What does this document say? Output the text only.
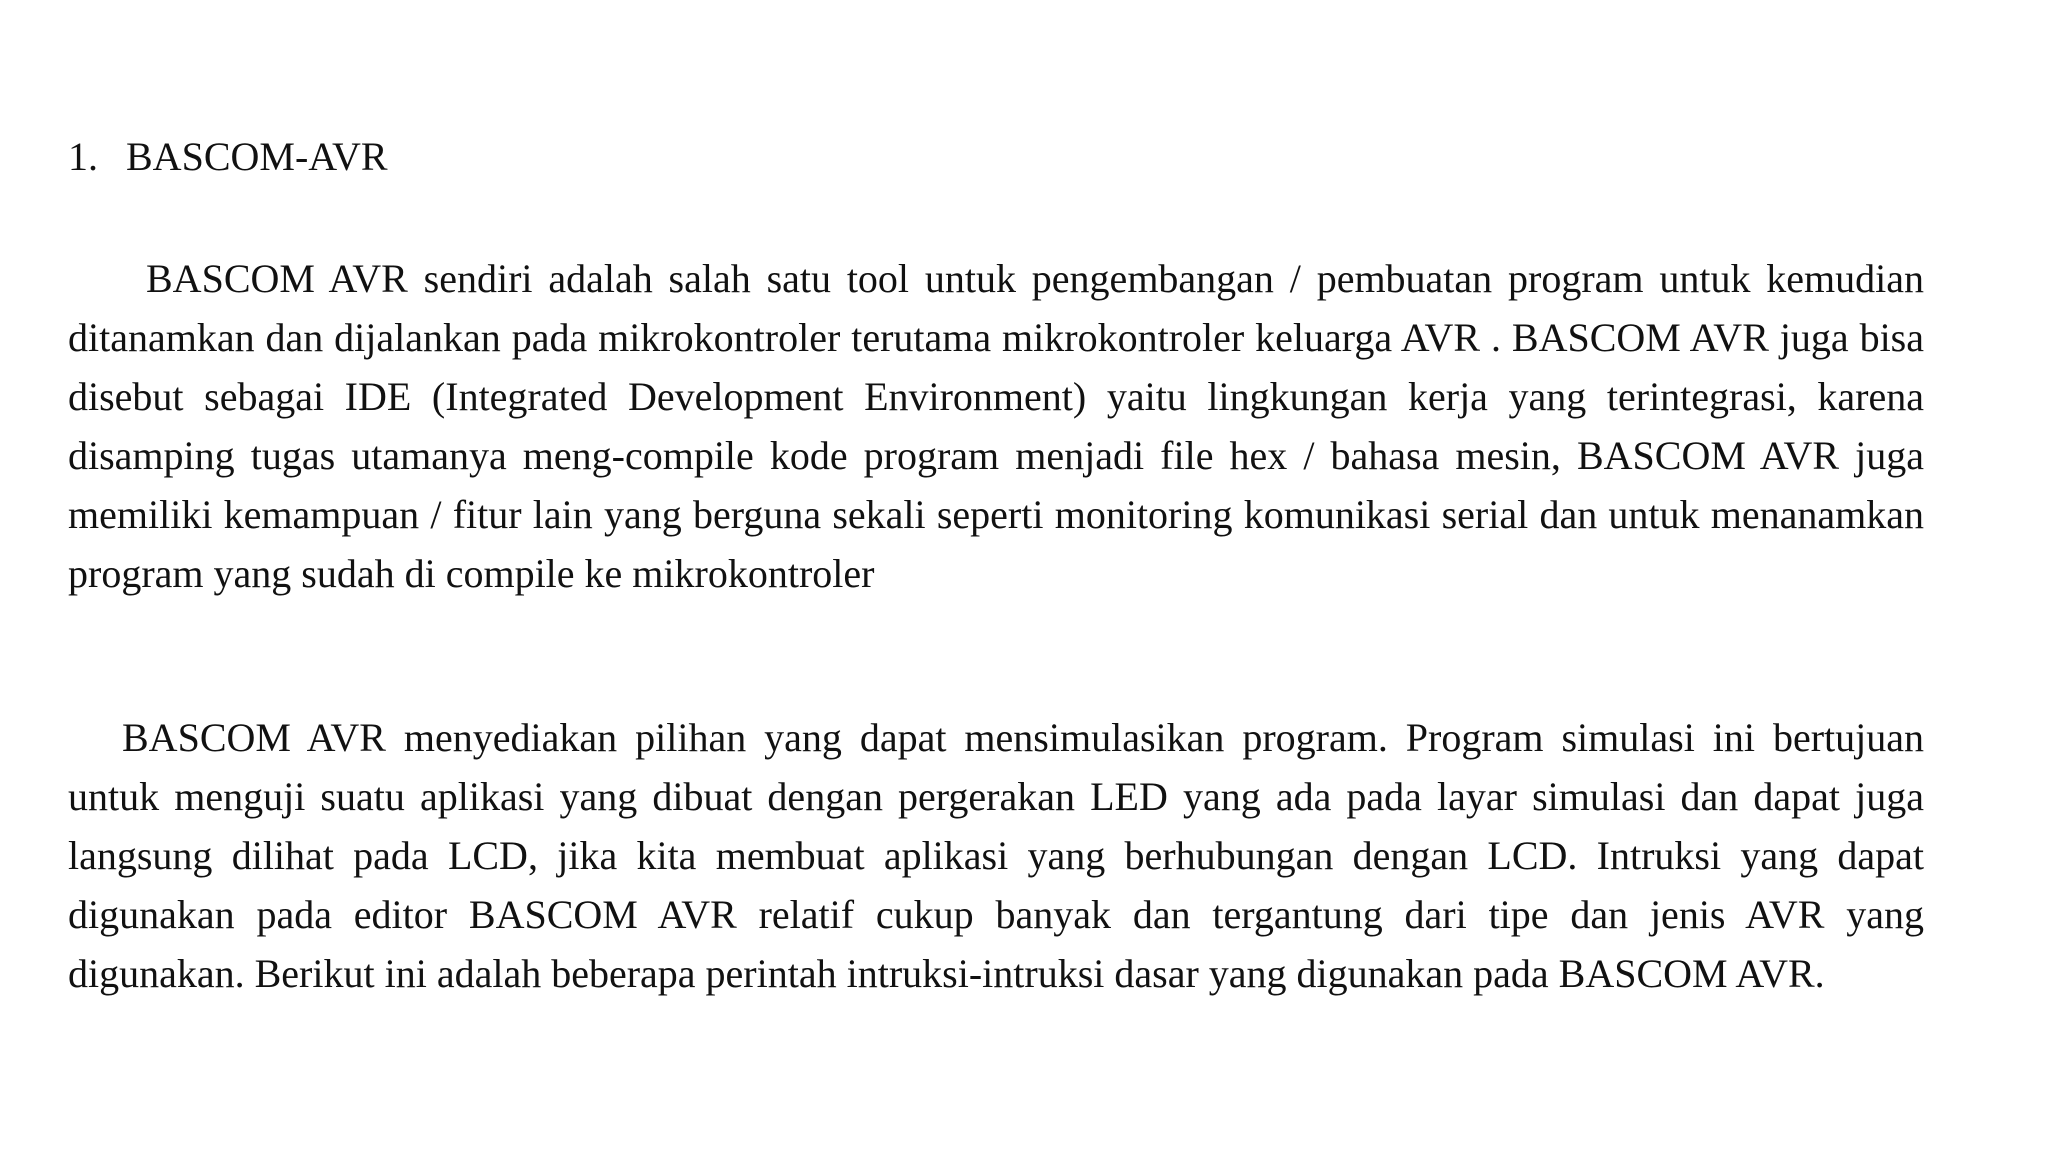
1. BASCOM-AVR

BASCOM AVR sendiri adalah salah satu tool untuk pengembangan / pembuatan program untuk kemudian ditanamkan dan dijalankan pada mikrokontroler terutama mikrokontroler keluarga AVR . BASCOM AVR juga bisa disebut sebagai IDE (Integrated Development Environment) yaitu lingkungan kerja yang terintegrasi, karena disamping tugas utamanya meng-compile kode program menjadi file hex / bahasa mesin, BASCOM AVR juga memiliki kemampuan / fitur lain yang berguna sekali seperti monitoring komunikasi serial dan untuk menanamkan program yang sudah di compile ke mikrokontroler

BASCOM AVR menyediakan pilihan yang dapat mensimulasikan program. Program simulasi ini bertujuan untuk menguji suatu aplikasi yang dibuat dengan pergerakan LED yang ada pada layar simulasi dan dapat juga langsung dilihat pada LCD, jika kita membuat aplikasi yang berhubungan dengan LCD. Intruksi yang dapat digunakan pada editor BASCOM AVR relatif cukup banyak dan tergantung dari tipe dan jenis AVR yang digunakan. Berikut ini adalah beberapa perintah intruksi-intruksi dasar yang digunakan pada BASCOM AVR.
